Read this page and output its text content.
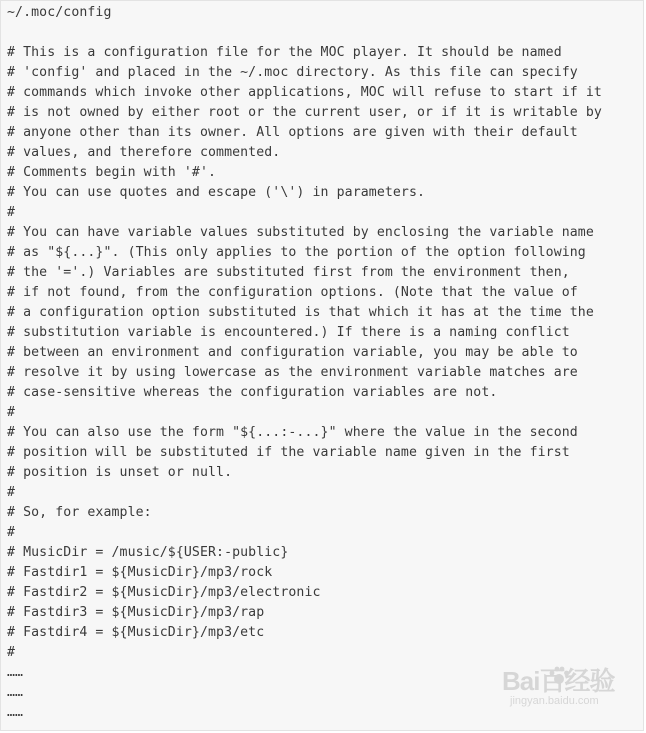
~/.moc/config

# This is a configuration file for the MOC player. It should be named
# 'config' and placed in the ~/.moc directory. As this file can specify
# commands which invoke other applications, MOC will refuse to start if it
# is not owned by either root or the current user, or if it is writable by
# anyone other than its owner. All options are given with their default
# values, and therefore commented.
# Comments begin with '#'.
# You can use quotes and escape ('\') in parameters.
#
# You can have variable values substituted by enclosing the variable name
# as "${...}". (This only applies to the portion of the option following
# the '='.) Variables are substituted first from the environment then,
# if not found, from the configuration options. (Note that the value of
# a configuration option substituted is that which it has at the time the
# substitution variable is encountered.) If there is a naming conflict
# between an environment and configuration variable, you may be able to
# resolve it by using lowercase as the environment variable matches are
# case-sensitive whereas the configuration variables are not.
#
# You can also use the form "${...:-...}" where the value in the second
# position will be substituted if the variable name given in the first
# position is unset or null.
#
# So, for example:
#
# MusicDir = /music/${USER:-public}
# Fastdir1 = ${MusicDir}/mp3/rock
# Fastdir2 = ${MusicDir}/mp3/electronic
# Fastdir3 = ${MusicDir}/mp3/rap
# Fastdir4 = ${MusicDir}/mp3/etc
#
……
……
……
Bai百经验
jingyan.baidu.com
